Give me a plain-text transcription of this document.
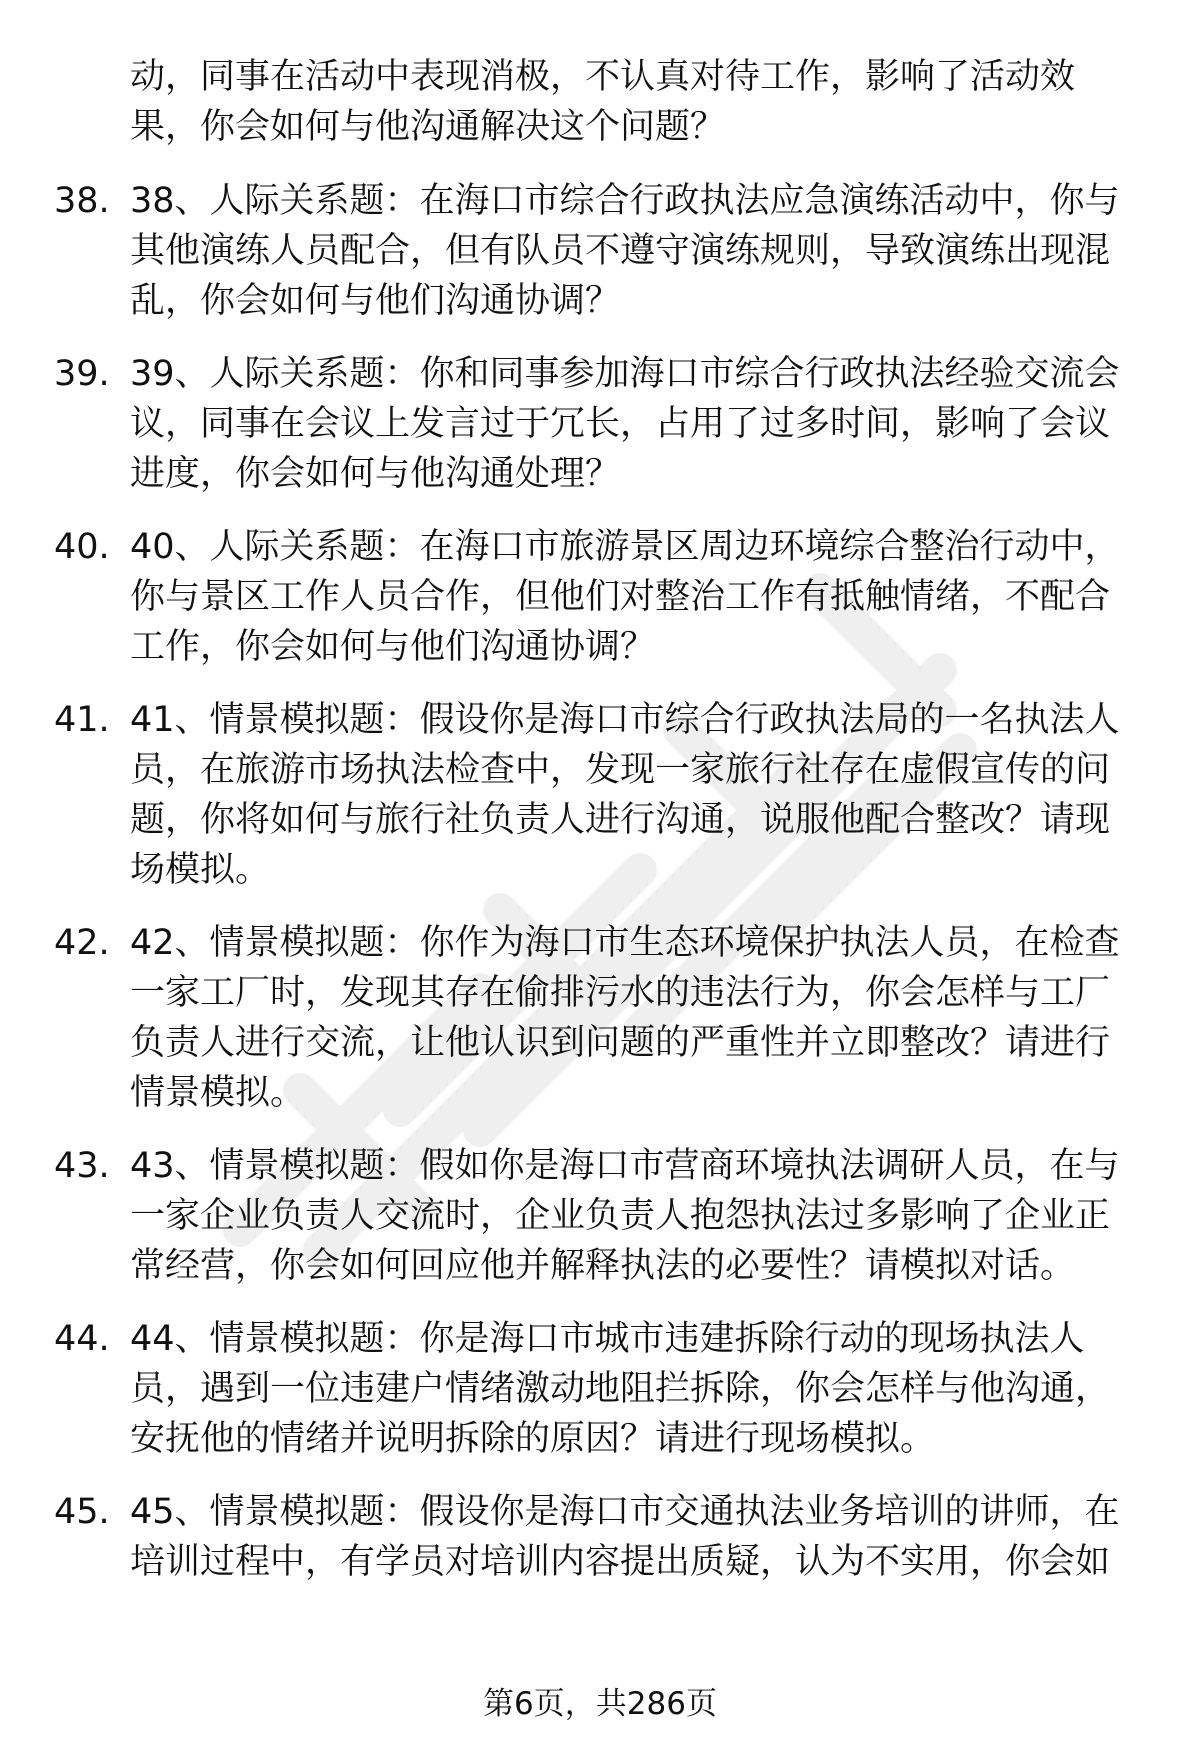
动，同事在活动中表现消极，不认真对待工作，影响了活动效果，你会如何与他沟通解决这个问题？
38. 38、人际关系题：在海口市综合行政执法应急演练活动中，你与其他演练人员配合，但有队员不遵守演练规则，导致演练出现混乱，你会如何与他们沟通协调？
39. 39、人际关系题：你和同事参加海口市综合行政执法经验交流会议，同事在会议上发言过于冗长，占用了过多时间，影响了会议进度，你会如何与他沟通处理？
40. 40、人际关系题：在海口市旅游景区周边环境综合整治行动中，你与景区工作人员合作，但他们对整治工作有抵触情绪，不配合工作，你会如何与他们沟通协调？
41. 41、情景模拟题：假设你是海口市综合行政执法局的一名执法人员，在旅游市场执法检查中，发现一家旅行社存在虚假宣传的问题，你将如何与旅行社负责人进行沟通，说服他配合整改？请现场模拟。
42. 42、情景模拟题：你作为海口市生态环境保护执法人员，在检查一家工厂时，发现其存在偷排污水的违法行为，你会怎样与工厂负责人进行交流，让他认识到问题的严重性并立即整改？请进行情景模拟。
43. 43、情景模拟题：假如你是海口市营商环境执法调研人员，在与一家企业负责人交流时，企业负责人抱怨执法过多影响了企业正常经营，你会如何回应他并解释执法的必要性？请模拟对话。
44. 44、情景模拟题：你是海口市城市违建拆除行动的现场执法人员，遇到一位违建户情绪激动地阻拦拆除，你会怎样与他沟通，安抚他的情绪并说明拆除的原因？请进行现场模拟。
45. 45、情景模拟题：假设你是海口市交通执法业务培训的讲师，在培训过程中，有学员对培训内容提出质疑，认为不实用，你会如
第6页，共286页
